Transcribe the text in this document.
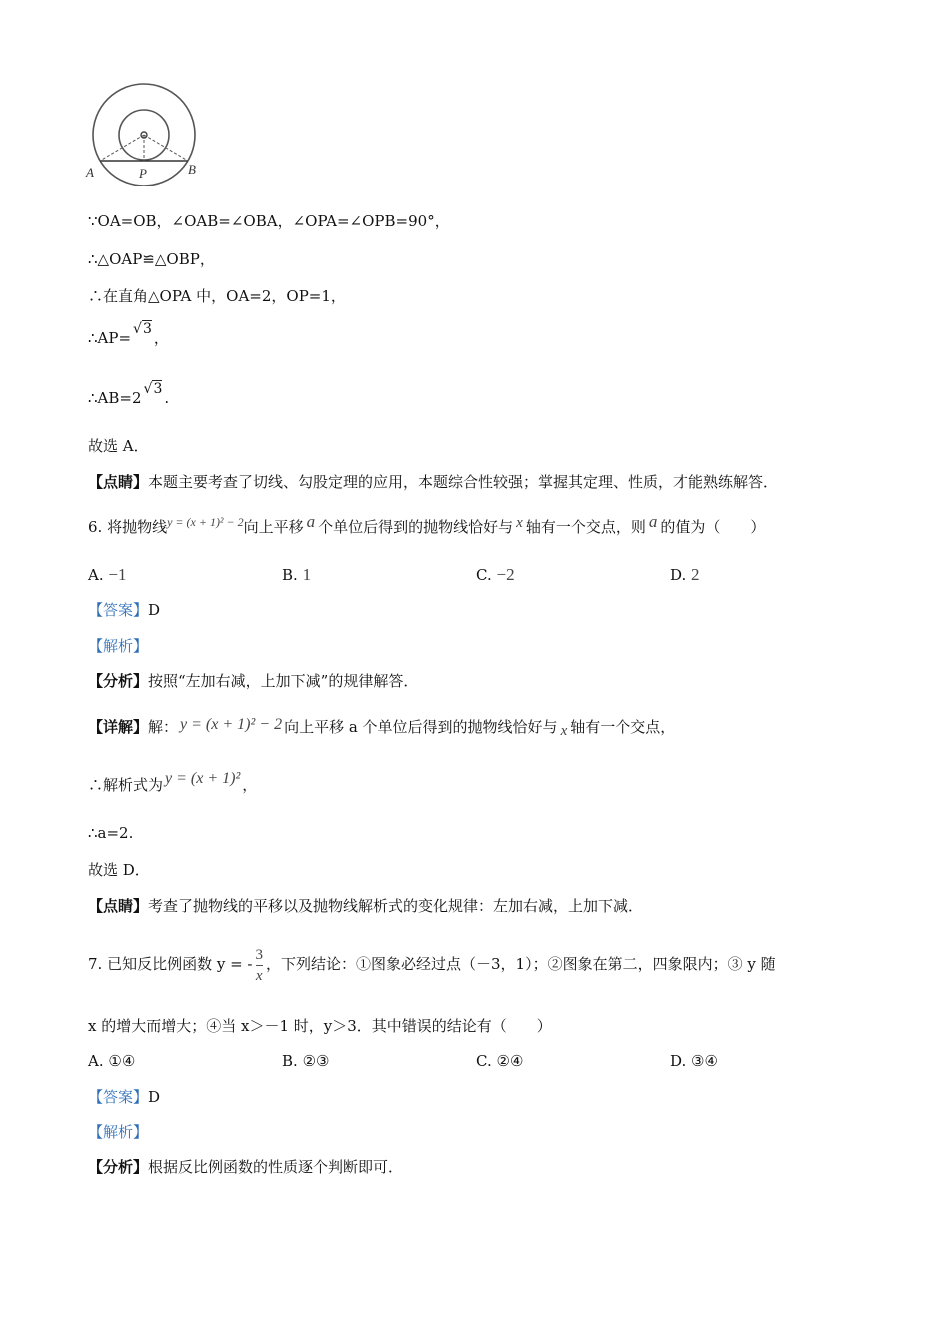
A	P	B
∵OA=OB，∠OAB=∠OBA，∠OPA=∠OPB=90°，
∴△OAP≌△OBP，
∴在直角△OPA 中，OA=2，OP=1，
∴AP= √3 ，
∴AB=2 √3 .
故选 A．
【点睛】本题主要考查了切线、勾股定理的应用，本题综合性较强；掌握其定理、性质，才能熟练解答．
6. 将抛物线$^{y = (x + 1)^2 - 2}$向上平移 a 个单位后得到的抛物线恰好与 x 轴有一个交点，则 a 的值为（　　）
A. −1	B. 1	C. −2	D. 2
【答案】D
【解析】
【分析】按照“左加右减，上加下减”的规律解答．
【详解】解： y = (x + 1)² − 2 向上平移 a 个单位后得到的抛物线恰好与 x 轴有一个交点，
∴解析式为 y = (x + 1)² ，
∴a=2.
故选 D．
【点睛】考查了抛物线的平移以及抛物线解析式的变化规律：左加右减，上加下减．
7. 已知反比例函数 y = - $\frac{3}{x}$ ，下列结论：①图象必经过点（－3，1）；②图象在第二，四象限内；③ y 随
x 的增大而增大；④当 x＞－1 时，y＞3．其中错误的结论有（　　）
A. ①④	B. ②③	C. ②④	D. ③④
【答案】D
【解析】
【分析】根据反比例函数的性质逐个判断即可．
